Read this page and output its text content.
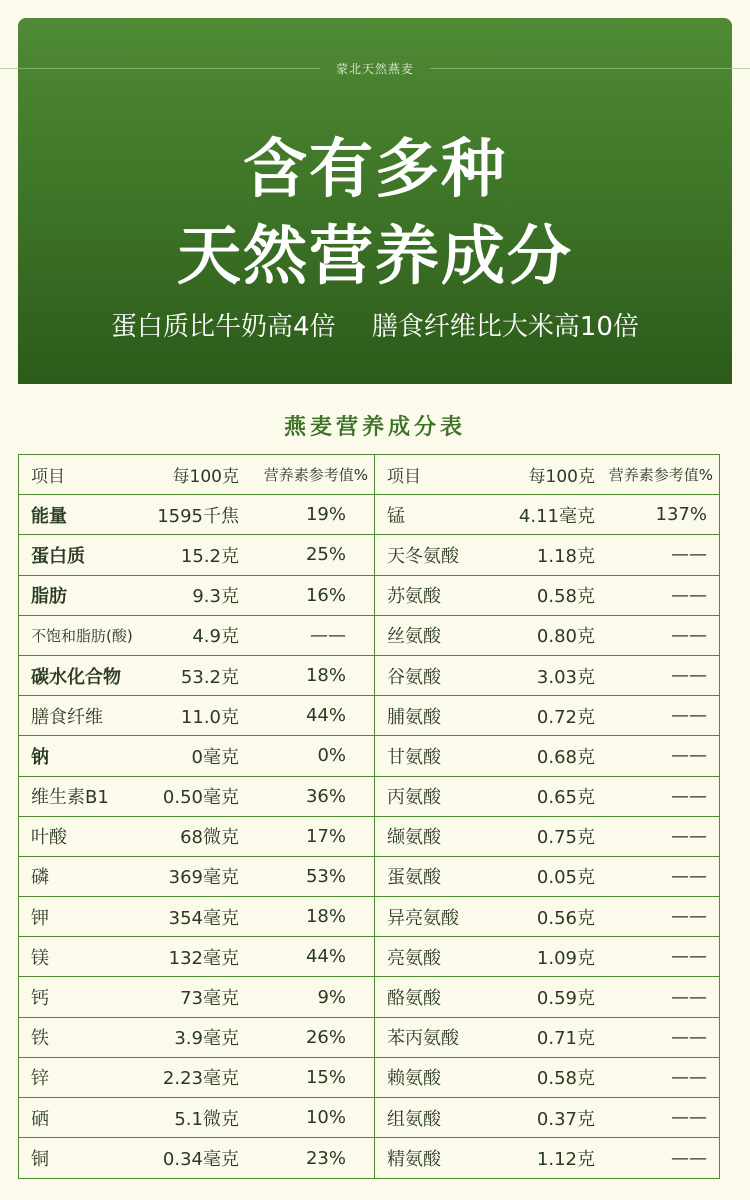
蒙北天然燕麦
含有多种
天然营养成分
蛋白质比牛奶高4倍 膳食纤维比大米高10倍
燕麦营养成分表
项目	每100克	营养素参考值%	项目	每100克 营养素参考值%
能量	1595千焦	19%	锰	4.11毫克	137%
蛋白质	15.2克	25%	天冬氨酸	1.18克	——
脂肪	9.3克	16%	苏氨酸	0.58克	——
不饱和脂肪(酸)	4.9克	——	丝氨酸	0.80克	——
碳水化合物	53.2克	18%	谷氨酸	3.03克	——
膳食纤维	11.0克	44%	脯氨酸	0.72克	——
钠	0毫克	0%	甘氨酸	0.68克	——
维生素B1	0.50毫克	36%	丙氨酸	0.65克	——
叶酸	68微克	17%	缬氨酸	0.75克	——
磷	369毫克	53%	蛋氨酸	0.05克	——
钾	354毫克	18%	异亮氨酸	0.56克	——
镁	132毫克	44%	亮氨酸	1.09克	——
钙	73毫克	9%	酪氨酸	0.59克	——
铁	3.9毫克	26%	苯丙氨酸	0.71克	——
锌	2.23毫克	15%	赖氨酸	0.58克	——
硒	5.1微克	10%	组氨酸	0.37克	——
铜	0.34毫克	23%	精氨酸	1.12克	——
